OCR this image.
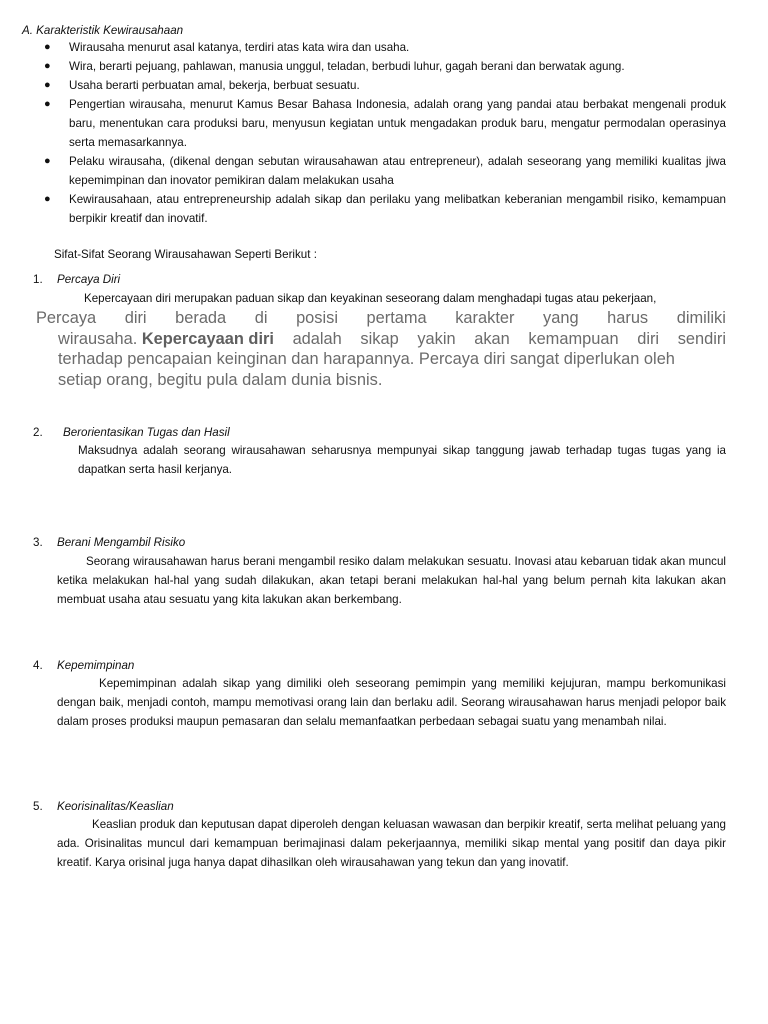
A. Karakteristik Kewirausahaan
● Wirausaha menurut asal katanya, terdiri atas kata wira dan usaha.
● Wira, berarti pejuang, pahlawan, manusia unggul, teladan, berbudi luhur, gagah berani dan berwatak agung.
● Usaha berarti perbuatan amal, bekerja, berbuat sesuatu.
● Pengertian wirausaha, menurut Kamus Besar Bahasa Indonesia, adalah orang yang pandai atau berbakat mengenali produk baru, menentukan cara produksi baru, menyusun kegiatan untuk mengadakan produk baru, mengatur permodalan operasinya serta memasarkannya.
● Pelaku wirausaha, (dikenal dengan sebutan wirausahawan atau entrepreneur), adalah seseorang yang memiliki kualitas jiwa kepemimpinan dan inovator pemikiran dalam melakukan usaha
● Kewirausahaan, atau entrepreneurship adalah sikap dan perilaku yang melibatkan keberanian mengambil risiko, kemampuan berpikir kreatif dan inovatif.
Sifat-Sifat Seorang Wirausahawan Seperti Berikut :
1. Percaya Diri
Kepercayaan diri merupakan paduan sikap dan keyakinan seseorang dalam menghadapi tugas atau pekerjaan,
Percaya diri berada di posisi pertama karakter yang harus dimiliki
wirausaha. Kepercayaan diri adalah sikap yakin akan kemampuan diri sendiri
terhadap pencapaian keinginan dan harapannya. Percaya diri sangat diperlukan oleh
setiap orang, begitu pula dalam dunia bisnis.
2. Berorientasikan Tugas dan Hasil
Maksudnya adalah seorang wirausahawan seharusnya mempunyai sikap tanggung jawab terhadap tugas tugas yang ia dapatkan serta hasil kerjanya.
3. Berani Mengambil Risiko
Seorang wirausahawan harus berani mengambil resiko dalam melakukan sesuatu. Inovasi atau kebaruan tidak akan muncul ketika melakukan hal-hal yang sudah dilakukan, akan tetapi berani melakukan hal-hal yang belum pernah kita lakukan akan membuat usaha atau sesuatu yang kita lakukan akan berkembang.
4. Kepemimpinan
Kepemimpinan adalah sikap yang dimiliki oleh seseorang pemimpin yang memiliki kejujuran, mampu berkomunikasi dengan baik, menjadi contoh, mampu memotivasi orang lain dan berlaku adil. Seorang wirausahawan harus menjadi pelopor baik dalam proses produksi maupun pemasaran dan selalu memanfaatkan perbedaan sebagai suatu yang menambah nilai.
5. Keorisinalitas/Keaslian
Keaslian produk dan keputusan dapat diperoleh dengan keluasan wawasan dan berpikir kreatif, serta melihat peluang yang ada. Orisinalitas muncul dari kemampuan berimajinasi dalam pekerjaannya, memiliki sikap mental yang positif dan daya pikir kreatif. Karya orisinal juga hanya dapat dihasilkan oleh wirausahawan yang tekun dan yang inovatif.
